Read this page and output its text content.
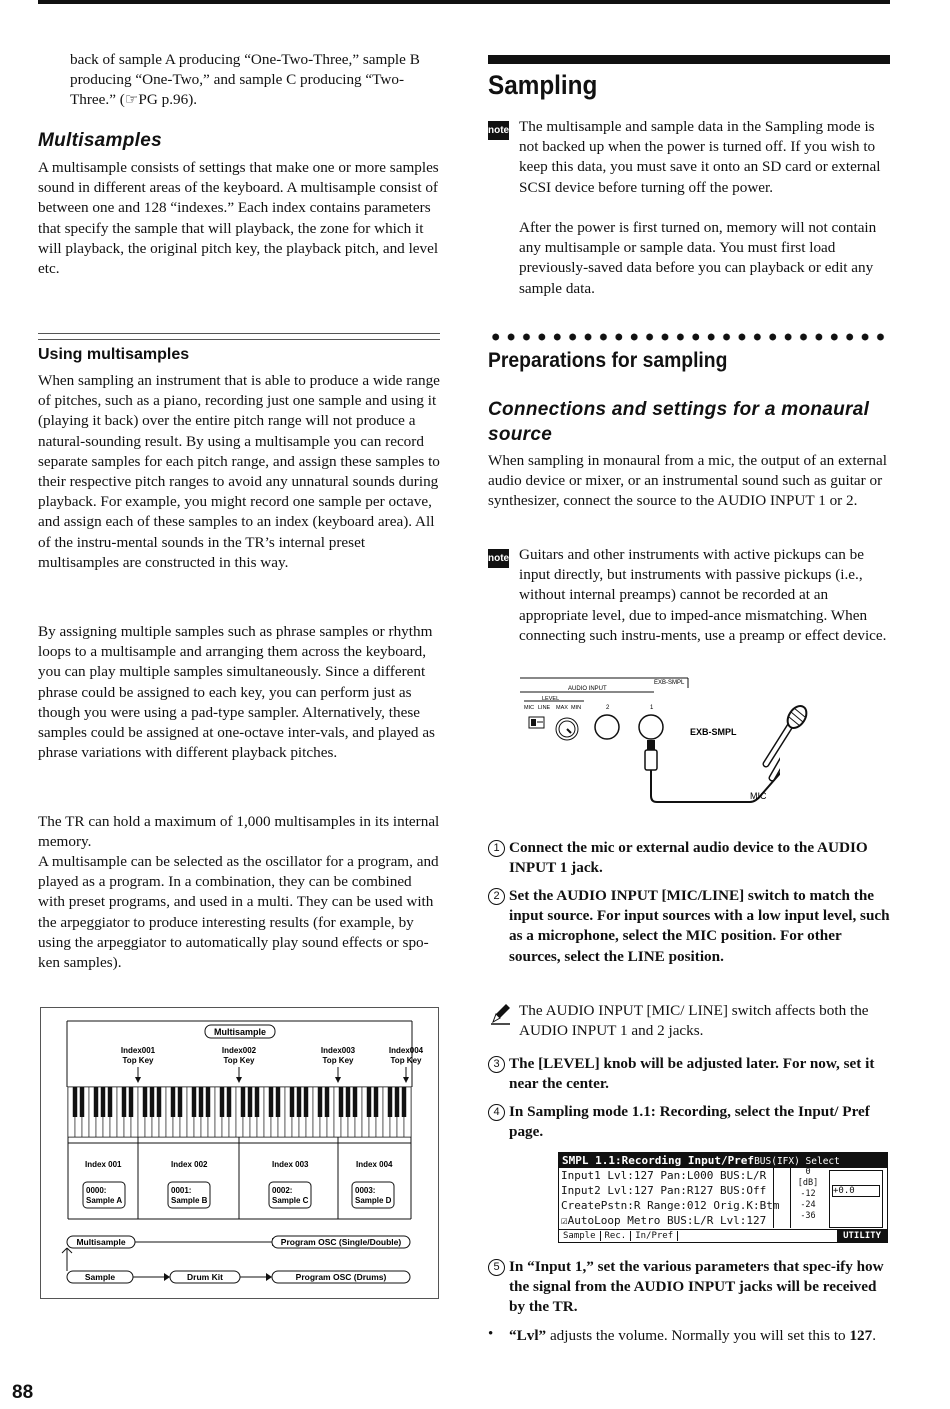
back of sample A producing “One-Two-Three,” sample B producing “One-Two,” and sample C producing “Two-Three.” (☞PG p.96).

Multisamples

A multisample consists of settings that make one or more samples sound in different areas of the keyboard. A multisample consist of between one and 128 “indexes.” Each index contains parameters that specify the sample that will playback, the zone for which it will playback, the original pitch key, the playback pitch, and level etc.

Using multisamples

When sampling an instrument that is able to produce a wide range of pitches, such as a piano, recording just one sample and using it (playing it back) over the entire pitch range will not produce a natural-sounding result. By using a multisample you can record separate samples for each pitch range, and assign these samples to their respective pitch ranges to avoid any unnatural sounds during playback. For example, you might record one sample per octave, and assign each of these samples to an index (keyboard area). All of the instru-mental sounds in the TR’s internal preset multisamples are constructed in this way.

By assigning multiple samples such as phrase samples or rhythm loops to a multisample and arranging them across the keyboard, you can play multiple samples simultaneously. Since a different phrase could be assigned to each key, you can perform just as though you were using a pad-type sampler. Alternatively, these samples could be assigned at one-octave inter-vals, and played as phrase variations with different playback pitches.

The TR can hold a maximum of 1,000 multisamples in its internal memory.

A multisample can be selected as the oscillator for a program, and played as a program. In a combination, they can be combined with preset programs, and used in a multi. They can be used with the arpeggiator to produce interesting results (for example, by using the arpeggiator to automatically play sound effects or spo-ken samples).

Multisample
Index001
Top Key
Index002
Top Key
Index003
Top Key
Index004
Top Key
Index 001	Index 002	Index 003	Index 004
0000:
Sample A
0001:
Sample B
0002:
Sample C
0003:
Sample D
Multisample	Program OSC (Single/Double)
Sample	Drum Kit	Program OSC (Drums)
Sampling
note The multisample and sample data in the Sampling mode is not backed up when the power is turned off. If you wish to keep this data, you must save it onto an SD card or external SCSI device before turning off the power.

After the power is first turned on, memory will not contain any multisample or sample data. You must first load previously-saved data before you can playback or edit any sample data.

Preparations for sampling
Connections and settings for a monaural source

When sampling in monaural from a mic, the output of an external audio device or mixer, or an instrumental sound such as guitar or synthesizer, connect the source to the AUDIO INPUT 1 or 2.

note Guitars and other instruments with active pickups can be input directly, but instruments with passive pickups (i.e., without internal preamps) cannot be recorded at an appropriate level, due to imped-ance mismatching. When connecting such instru-ments, use a preamp or effect device.

EXB-SMPL
AUDIO INPUT
LEVEL
MIC LINE MAX MIN	2	1
EXB-SMPL
MIC
1 Connect the mic or external audio device to the AUDIO INPUT 1 jack.

2 Set the AUDIO INPUT [MIC/LINE] switch to match the input source. For input sources with a low input level, such as a microphone, select the MIC position. For other sources, select the LINE position.

The AUDIO INPUT [MIC/ LINE] switch affects both the AUDIO INPUT 1 and 2 jacks.

3 The [LEVEL] knob will be adjusted later. For now, set it near the center.

4 In Sampling mode 1.1: Recording, select the Input/ Pref page.

SMPL 1.1:Recording Input/PrefBUS(IFX) Select
Input1 Lvl:127 Pan:L000 BUS:L/R
Input2 Lvl:127 Pan:R127 BUS:Off
CreatePstn:R Range:012 Orig.K:Btm
☑AutoLoop Metro BUS:L/R Lvl:127
0
[dB]
-12
-24
-36
+0.0
Sample Rec. In/Pref	UTILITY
5 In “Input 1,” set the various parameters that spec-ify how the signal from the AUDIO INPUT jacks will be received by the TR.

•	“Lvl” adjusts the volume. Normally you will set this to 127.

88
